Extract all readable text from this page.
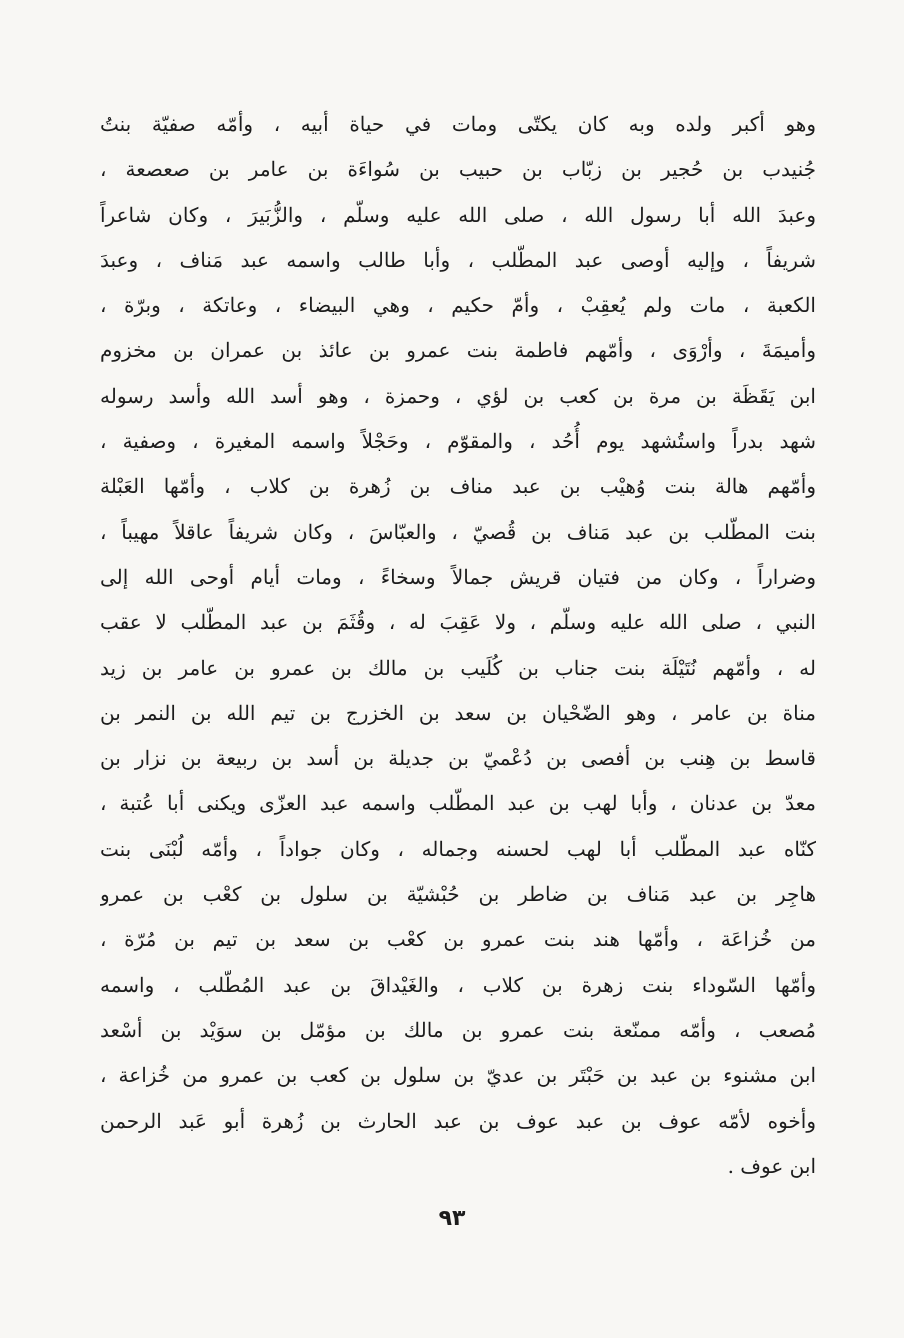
وهو أكبر ولده وبه كان يكتّى ومات في حياة أبيه ، وأمّه صفيّة بنتُ
جُنيدب بن حُجير بن زبّاب بن حبيب بن سُواءَة بن عامر بن صعصعة ،
وعبدَ الله أبا رسول الله ، صلى الله عليه وسلّم ، والزُّبَيرَ ، وكان شاعراً
شريفاً ، وإليه أوصى عبد المطّلب ، وأبا طالب واسمه عبد مَناف ، وعبدَ
الكعبة ، مات ولم يُعقِبْ ، وأمّ حكيم ، وهي البيضاء ، وعاتكة ، وبرّة ،
وأميمَةَ ، وأرْوَى ، وأمّهم فاطمة بنت عمرو بن عائذ بن عمران بن مخزوم
ابن يَقَظَة بن مرة بن كعب بن لؤي ، وحمزة ، وهو أسد الله وأسد رسوله
شهد بدراً واستُشهد يوم أُحُد ، والمقوّم ، وحَجْلاً واسمه المغيرة ، وصفية ،
وأمّهم هالة بنت وُهيْب بن عبد مناف بن زُهرة بن كلاب ، وأمّها العَبْلة
بنت المطّلب بن عبد مَناف بن قُصيّ ، والعبّاسَ ، وكان شريفاً عاقلاً مهيباً ،
وضراراً ، وكان من فتيان قريش جمالاً وسخاءً ، ومات أيام أوحى الله إلى
النبي ، صلى الله عليه وسلّم ، ولا عَقِبَ له ، وقُثَمَ بن عبد المطّلب لا عقب
له ، وأمّهم نُتَيْلَة بنت جناب بن كُلَيب بن مالك بن عمرو بن عامر بن زيد
مناة بن عامر ، وهو الضّحْيان بن سعد بن الخزرج بن تيم الله بن النمر بن
قاسط بن هِنب بن أفصى بن دُعْميّ بن جديلة بن أسد بن ربيعة بن نزار بن
معدّ بن عدنان ، وأبا لهب بن عبد المطّلب واسمه عبد العزّى ويكنى أبا عُتبة ،
كنّاه عبد المطّلب أبا لهب لحسنه وجماله ، وكان جواداً ، وأمّه لُبْنَى بنت
هاجِر بن عبد مَناف بن ضاطر بن حُبْشيّة بن سلول بن كعْب بن عمرو
من خُزاعَة ، وأمّها هند بنت عمرو بن كعْب بن سعد بن تيم بن مُرّة ،
وأمّها السّوداء بنت زهرة بن كلاب ، والغَيْداقَ بن عبد المُطّلب ، واسمه
مُصعب ، وأمّه ممنّعة بنت عمرو بن مالك بن مؤمّل بن سوَيْد بن أسْعد
ابن مشنوء بن عبد بن حَبْتَر بن عديّ بن سلول بن كعب بن عمرو من خُزاعة ،
وأخوه لأمّه عوف بن عبد عوف بن عبد الحارث بن زُهرة أبو عَبد الرحمن
ابن عوف .
٩٣
